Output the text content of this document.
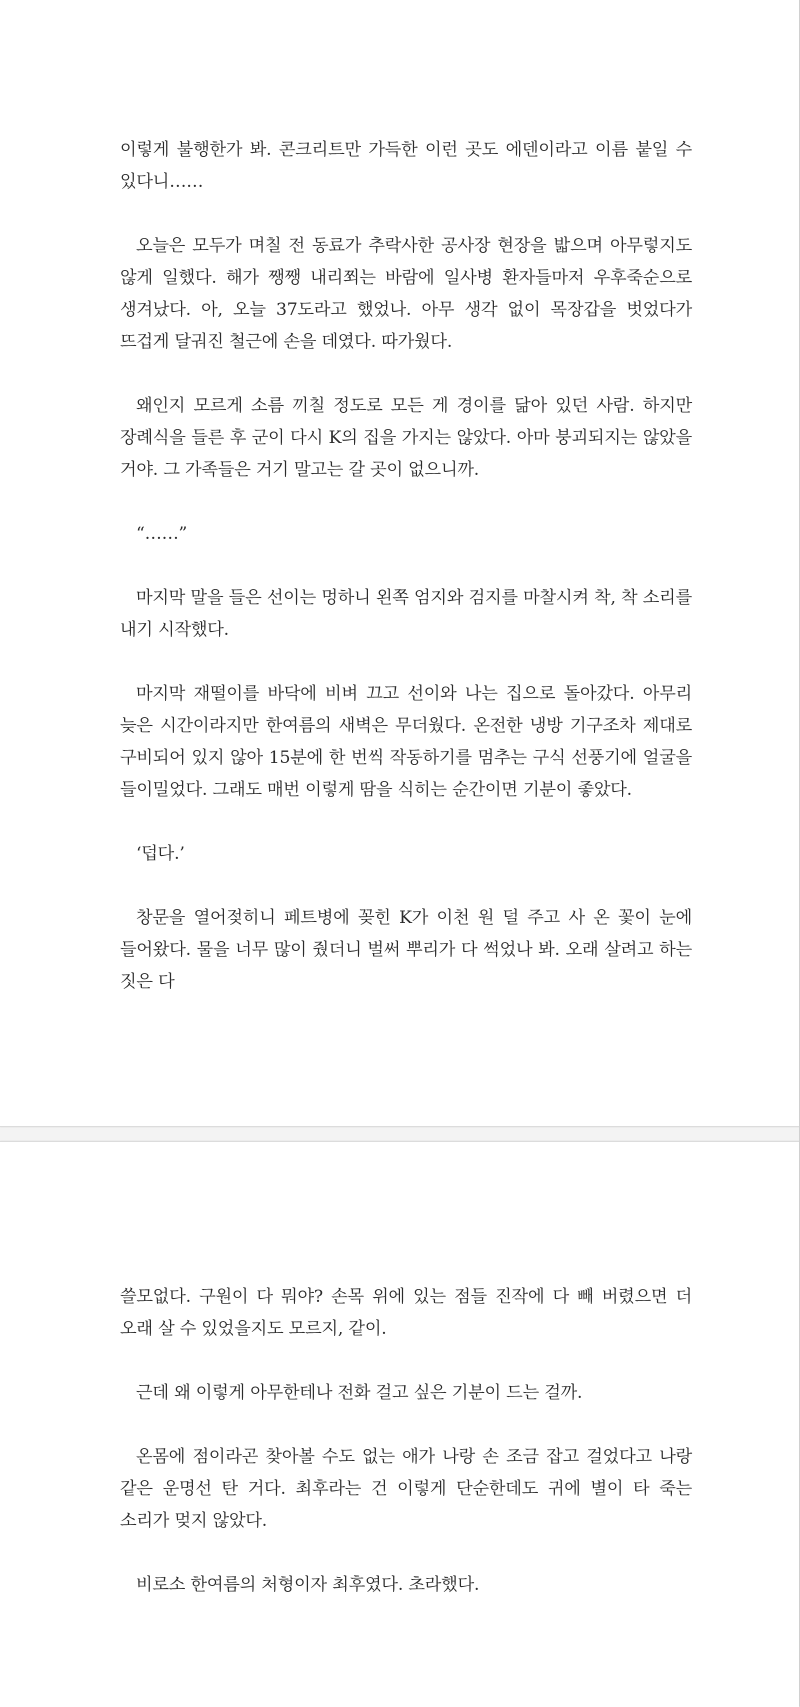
이렇게 불행한가 봐. 콘크리트만 가득한 이런 곳도 에덴이라고 이름 붙일 수 있다니……

오늘은 모두가 며칠 전 동료가 추락사한 공사장 현장을 밟으며 아무렇지도 않게 일했다. 해가 쨍쨍 내리쬐는 바람에 일사병 환자들마저 우후죽순으로 생겨났다. 아, 오늘 37도라고 했었나. 아무 생각 없이 목장갑을 벗었다가 뜨겁게 달궈진 철근에 손을 데였다. 따가웠다.

왜인지 모르게 소름 끼칠 정도로 모든 게 경이를 닮아 있던 사람. 하지만 장례식을 들른 후 군이 다시 K의 집을 가지는 않았다. 아마 붕괴되지는 않았을 거야. 그 가족들은 거기 말고는 갈 곳이 없으니까.

“……”

마지막 말을 들은 선이는 멍하니 왼쪽 엄지와 검지를 마찰시켜 착, 착 소리를 내기 시작했다.

마지막 재떨이를 바닥에 비벼 끄고 선이와 나는 집으로 돌아갔다. 아무리 늦은 시간이라지만 한여름의 새벽은 무더웠다. 온전한 냉방 기구조차 제대로 구비되어 있지 않아 15분에 한 번씩 작동하기를 멈추는 구식 선풍기에 얼굴을 들이밀었다. 그래도 매번 이렇게 땀을 식히는 순간이면 기분이 좋았다.

‘덥다.’

창문을 열어젖히니 페트병에 꽂힌 K가 이천 원 덜 주고 사 온 꽃이 눈에 들어왔다. 물을 너무 많이 줬더니 벌써 뿌리가 다 썩었나 봐. 오래 살려고 하는 짓은 다

쓸모없다. 구원이 다 뭐야? 손목 위에 있는 점들 진작에 다 빼 버렸으면 더 오래 살 수 있었을지도 모르지, 같이.

근데 왜 이렇게 아무한테나 전화 걸고 싶은 기분이 드는 걸까.

온몸에 점이라곤 찾아볼 수도 없는 애가 나랑 손 조금 잡고 걸었다고 나랑 같은 운명선 탄 거다. 최후라는 건 이렇게 단순한데도 귀에 별이 타 죽는 소리가 멎지 않았다.

비로소 한여름의 처형이자 최후였다. 초라했다.
